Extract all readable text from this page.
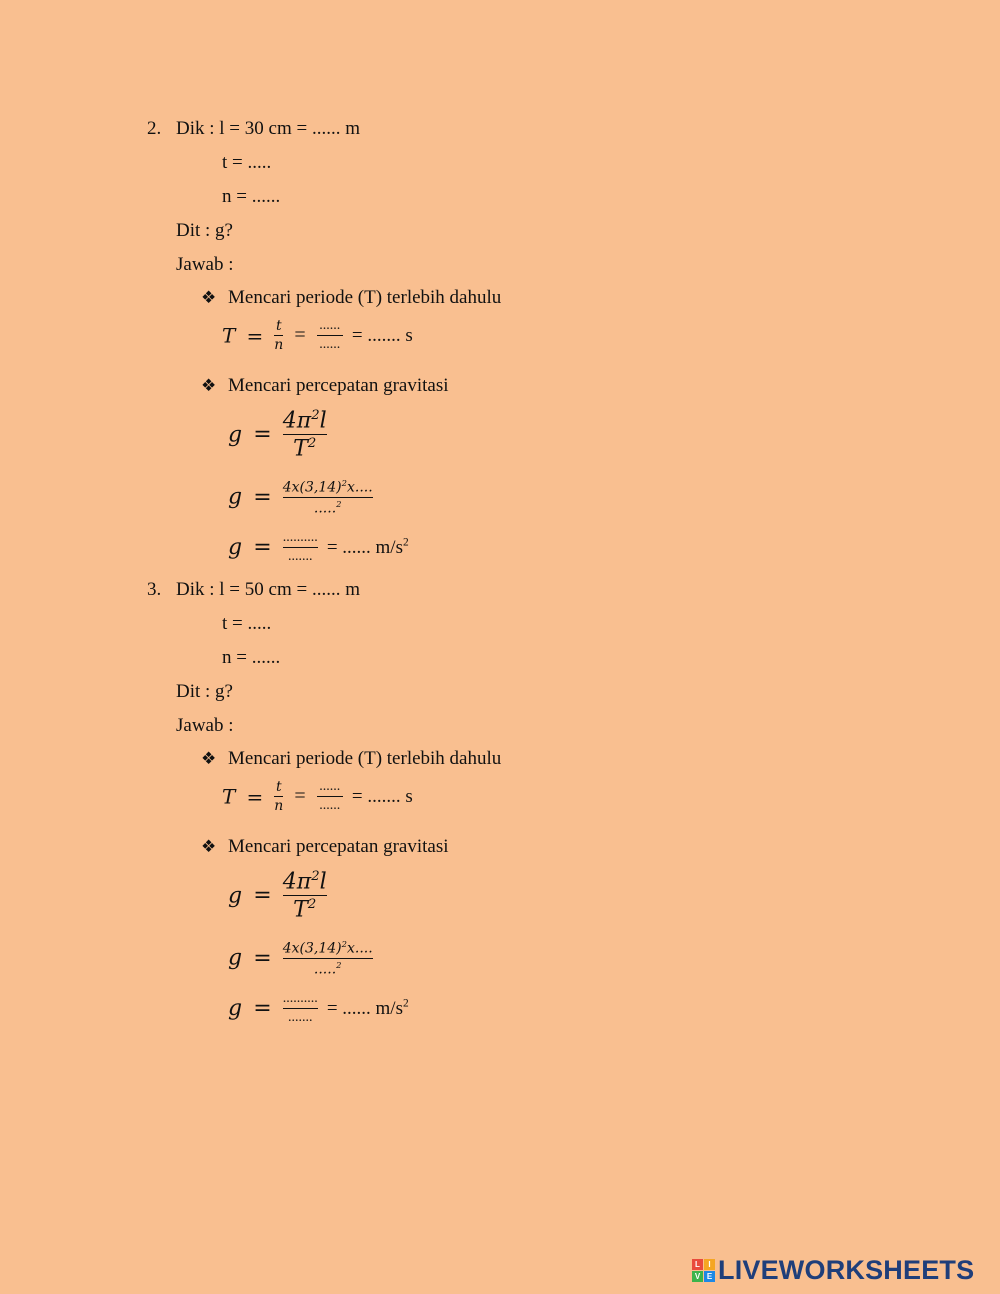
2. Dik : l = 30 cm = ...... m
t = .....
n = ......
Dit : g?
Jawab :
❖ Mencari periode (T) terlebih dahulu
$T = \frac{t}{n} = \frac{......}{......}$ = ....... s
❖ Mencari percepatan gravitasi
$g = \frac{4\pi^2l}{T^2}$
$g = \frac{4x(3,14)^2x....}{.....^2}$
$g = \frac{..........}{.......}$ = ...... $m/s^2$
3. Dik : l = 50 cm = ...... m
t = .....
n = ......
Dit : g?
Jawab :
❖ Mencari periode (T) terlebih dahulu
$T = \frac{t}{n} = \frac{......}{......}$ = ....... s
❖ Mencari percepatan gravitasi
$g = \frac{4\pi^2l}{T^2}$
$g = \frac{4x(3,14)^2x....}{.....^2}$
$g = \frac{..........}{.......}$ = ...... $m/s^2$
L	I
V E LIVEWORKSHEETS
